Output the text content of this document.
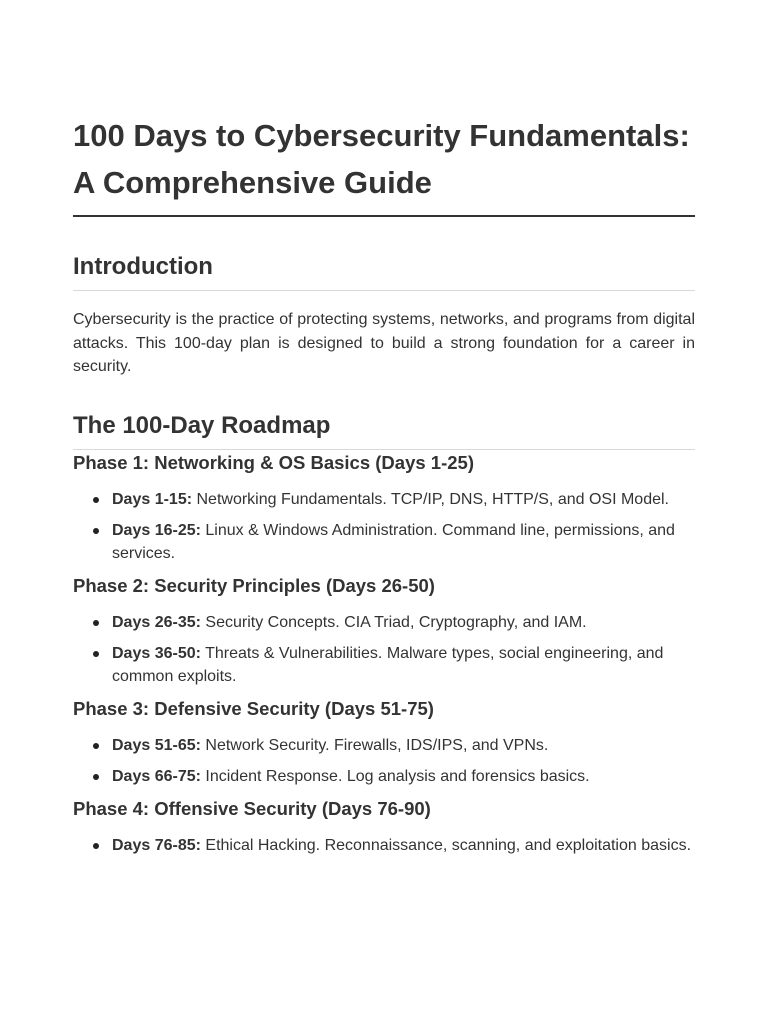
100 Days to Cybersecurity Fundamentals: A Comprehensive Guide
Introduction

Cybersecurity is the practice of protecting systems, networks, and programs from digital attacks. This 100-day plan is designed to build a strong foundation for a career in security.

The 100-Day Roadmap
Phase 1: Networking & OS Basics (Days 1-25)
Days 1-15: Networking Fundamentals. TCP/IP, DNS, HTTP/S, and OSI Model.
Days 16-25: Linux & Windows Administration. Command line, permissions, and services.
Phase 2: Security Principles (Days 26-50)
Days 26-35: Security Concepts. CIA Triad, Cryptography, and IAM.
Days 36-50: Threats & Vulnerabilities. Malware types, social engineering, and common exploits.
Phase 3: Defensive Security (Days 51-75)
Days 51-65: Network Security. Firewalls, IDS/IPS, and VPNs.
Days 66-75: Incident Response. Log analysis and forensics basics.
Phase 4: Offensive Security (Days 76-90)
Days 76-85: Ethical Hacking. Reconnaissance, scanning, and exploitation basics.
